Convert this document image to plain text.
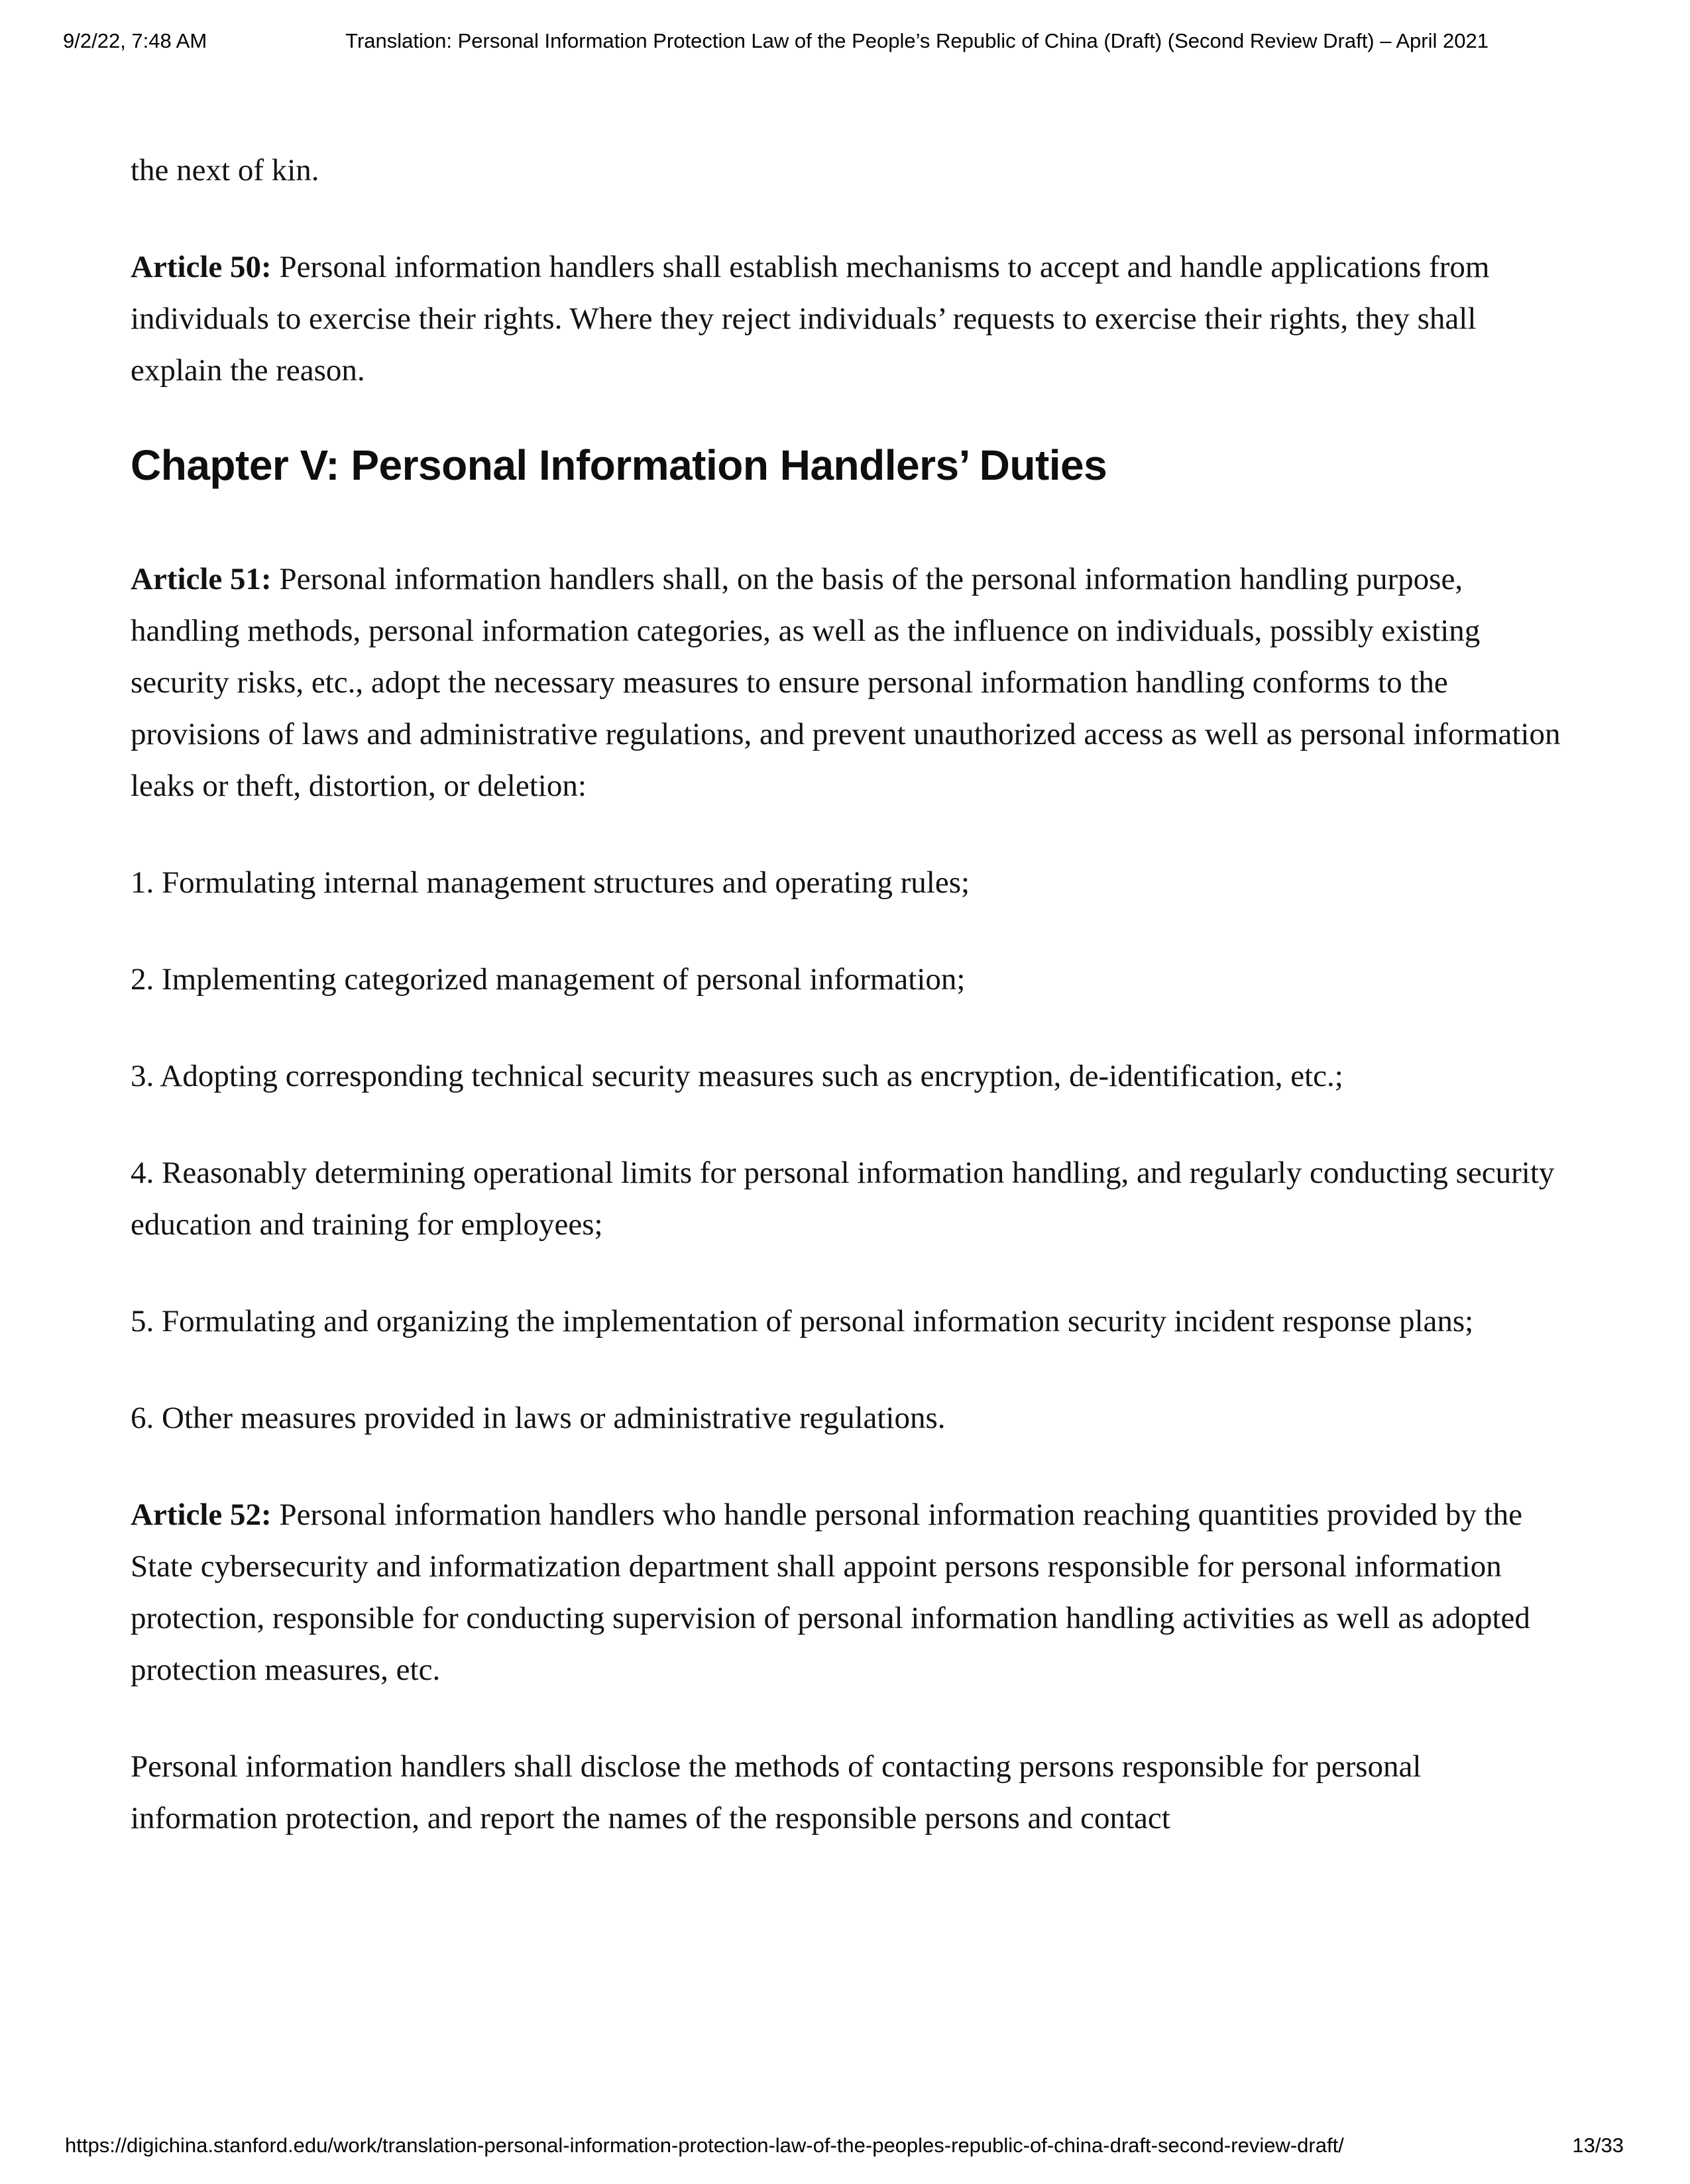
9/2/22, 7:48 AM	Translation: Personal Information Protection Law of the People’s Republic of China (Draft) (Second Review Draft) – April 2021

the next of kin.

Article 50: Personal information handlers shall establish mechanisms to accept and handle applications from individuals to exercise their rights. Where they reject individuals’ requests to exercise their rights, they shall explain the reason.

Chapter V: Personal Information Handlers’ Duties

Article 51: Personal information handlers shall, on the basis of the personal information handling purpose, handling methods, personal information categories, as well as the influence on individuals, possibly existing security risks, etc., adopt the necessary measures to ensure personal information handling conforms to the provisions of laws and administrative regulations, and prevent unauthorized access as well as personal information leaks or theft, distortion, or deletion:

1. Formulating internal management structures and operating rules;

2. Implementing categorized management of personal information;

3. Adopting corresponding technical security measures such as encryption, de-identification, etc.;

4. Reasonably determining operational limits for personal information handling, and regularly conducting security education and training for employees;

5. Formulating and organizing the implementation of personal information security incident response plans;

6. Other measures provided in laws or administrative regulations.

Article 52: Personal information handlers who handle personal information reaching quantities provided by the State cybersecurity and informatization department shall appoint persons responsible for personal information protection, responsible for conducting supervision of personal information handling activities as well as adopted protection measures, etc.

Personal information handlers shall disclose the methods of contacting persons responsible for personal information protection, and report the names of the responsible persons and contact

https://digichina.stanford.edu/work/translation-personal-information-protection-law-of-the-peoples-republic-of-china-draft-second-review-draft/	13/33
